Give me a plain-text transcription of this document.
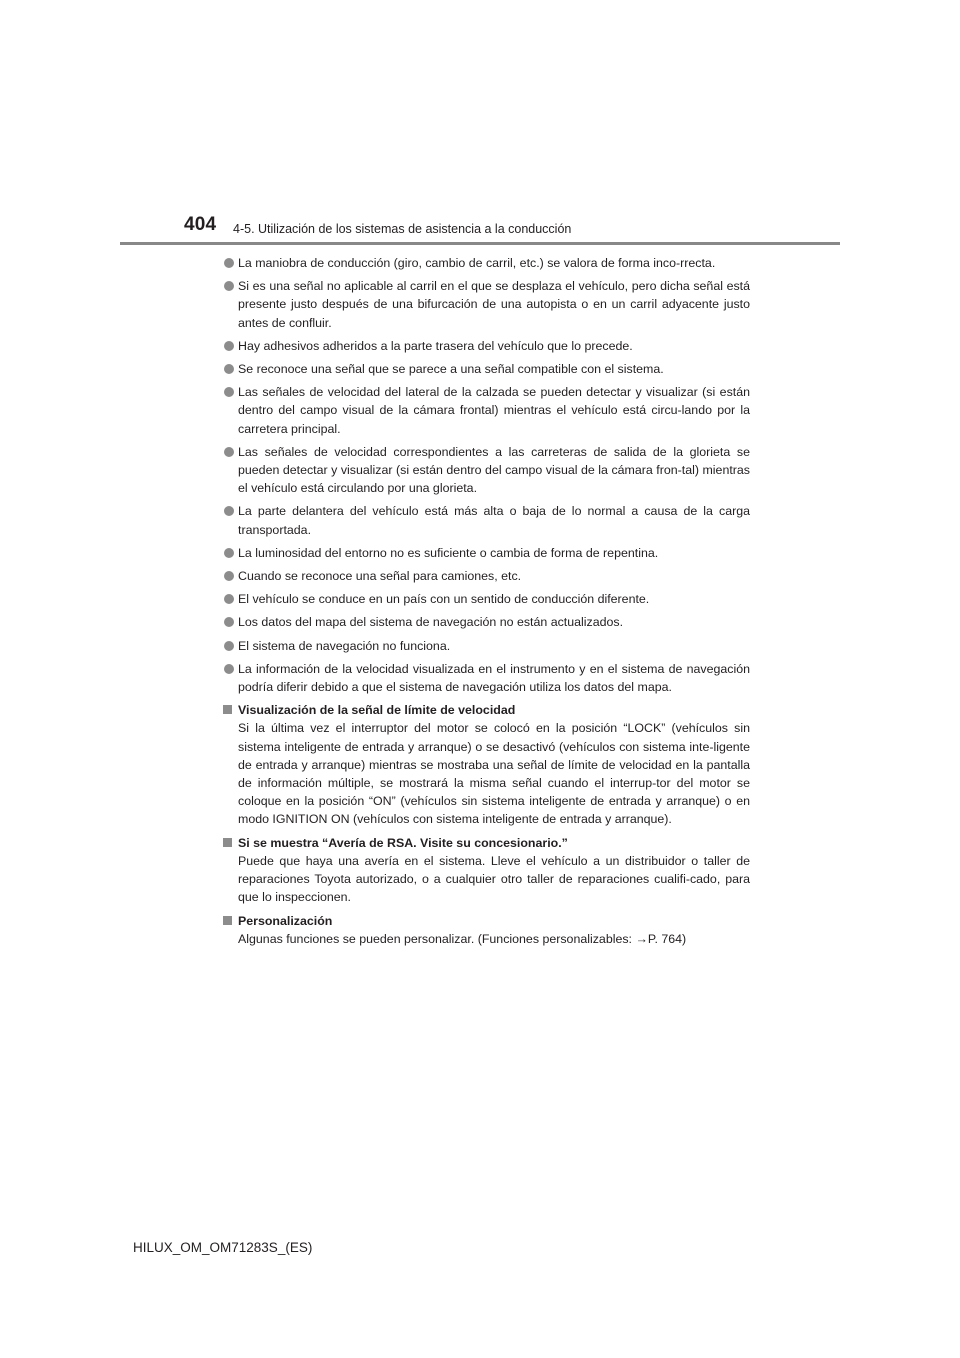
404 4-5. Utilización de los sistemas de asistencia a la conducción
La maniobra de conducción (giro, cambio de carril, etc.) se valora de forma inco-rrecta.
Si es una señal no aplicable al carril en el que se desplaza el vehículo, pero dicha señal está presente justo después de una bifurcación de una autopista o en un carril adyacente justo antes de confluir.
Hay adhesivos adheridos a la parte trasera del vehículo que lo precede.
Se reconoce una señal que se parece a una señal compatible con el sistema.
Las señales de velocidad del lateral de la calzada se pueden detectar y visualizar (si están dentro del campo visual de la cámara frontal) mientras el vehículo está circu-lando por la carretera principal.
Las señales de velocidad correspondientes a las carreteras de salida de la glorieta se pueden detectar y visualizar (si están dentro del campo visual de la cámara fron-tal) mientras el vehículo está circulando por una glorieta.
La parte delantera del vehículo está más alta o baja de lo normal a causa de la carga transportada.
La luminosidad del entorno no es suficiente o cambia de forma de repentina.
Cuando se reconoce una señal para camiones, etc.
El vehículo se conduce en un país con un sentido de conducción diferente.
Los datos del mapa del sistema de navegación no están actualizados.
El sistema de navegación no funciona.
La información de la velocidad visualizada en el instrumento y en el sistema de navegación podría diferir debido a que el sistema de navegación utiliza los datos del mapa.
Visualización de la señal de límite de velocidad
Si la última vez el interruptor del motor se colocó en la posición “LOCK” (vehículos sin sistema inteligente de entrada y arranque) o se desactivó (vehículos con sistema inte-ligente de entrada y arranque) mientras se mostraba una señal de límite de velocidad en la pantalla de información múltiple, se mostrará la misma señal cuando el interrup-tor del motor se coloque en la posición “ON” (vehículos sin sistema inteligente de entrada y arranque) o en modo IGNITION ON (vehículos con sistema inteligente de entrada y arranque).
Si se muestra “Avería de RSA. Visite su concesionario.”
Puede que haya una avería en el sistema. Lleve el vehículo a un distribuidor o taller de reparaciones Toyota autorizado, o a cualquier otro taller de reparaciones cualifi-cado, para que lo inspeccionen.
Personalización
Algunas funciones se pueden personalizar. (Funciones personalizables: →P. 764)
HILUX_OM_OM71283S_(ES)
